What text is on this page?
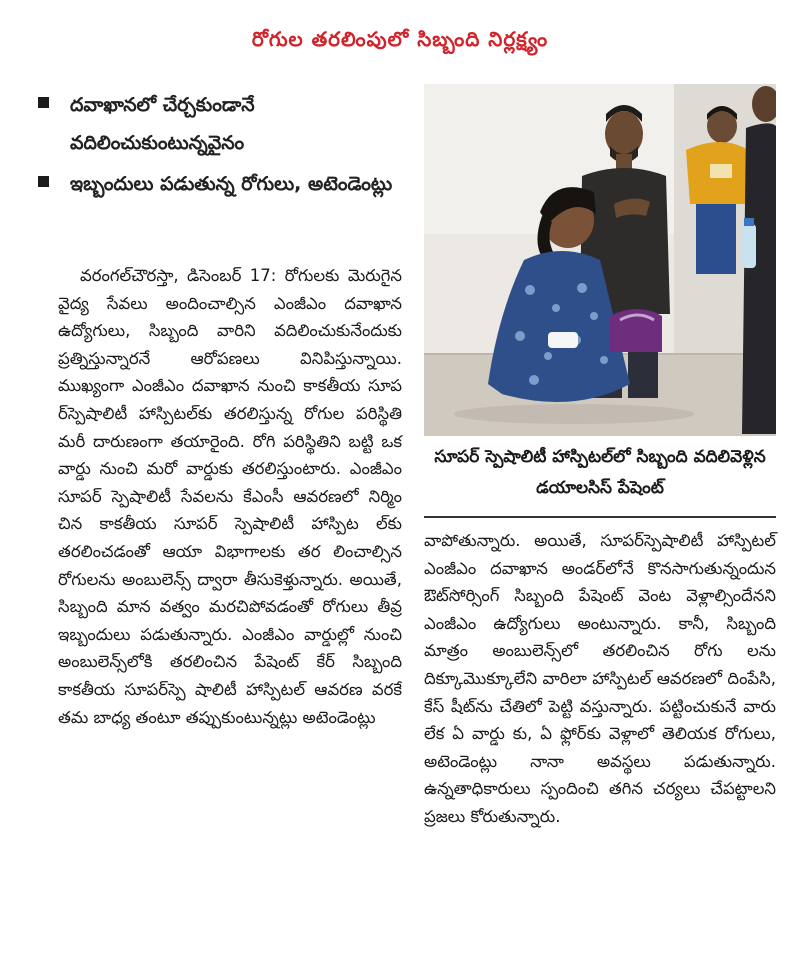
రోగుల తరలింపులో సిబ్బంది నిర్లక్ష్యం
దవాఖానలో చేర్చకుండానే వదిలించుకుంటున్నవైనం
ఇబ్బందులు పడుతున్న రోగులు, అటెండెంట్లు
వరంగల్‌చౌరస్తా, డిసెంబర్ 17: రోగులకు మెరుగైన వైద్య సేవలు అందించాల్సిన ఎంజీఎం దవాఖాన ఉద్యోగులు, సిబ్బంది వారిని వదిలించుకునేందుకు ప్రత్నిస్తున్నారనే ఆరోపణలు వినిపిస్తున్నాయి. ముఖ్యంగా ఎంజీఎం దవాఖాన నుంచి కాకతీయ సూప ర్‌స్పెషాలిటీ హాస్పిటల్‌కు తరలిస్తున్న రోగుల పరిస్థితి మరీ దారుణంగా తయారైంది. రోగి పరిస్థితిని బట్టి ఒక వార్డు నుంచి మరో వార్డుకు తరలిస్తుంటారు. ఎంజీఎం సూపర్ స్పెషాలిటీ సేవలను కేఎంసీ ఆవరణలో నిర్మిం చిన కాకతీయ సూపర్ స్పెషాలిటీ హాస్పిట ల్‌కు తరలించడంతో ఆయా విభాగాలకు తర లించాల్సిన రోగులను అంబులెన్స్ ద్వారా తీసుకెళ్తున్నారు. అయితే, సిబ్బంది మాన వత్వం మరచిపోవడంతో రోగులు తీవ్ర ఇబ్బందులు పడుతున్నారు. ఎంజీఎం వార్డుల్లో నుంచి అంబులెన్స్‌లోకి తరలించిన పేషెంట్ కేర్ సిబ్బంది కాకతీయ సూపర్‌స్పె షాలిటీ హాస్పిటల్ ఆవరణ వరకే తమ బాధ్య తంటూ తప్పుకుంటున్నట్లు అటెండెంట్లు
సూపర్ స్పెషాలిటీ హాస్పిటల్‌లో సిబ్బంది వదిలివెళ్లిన డయాలసిస్ పేషెంట్
వాపోతున్నారు. అయితే, సూపర్‌స్పెషాలిటీ హాస్పిటల్ ఎంజీఎం దవాఖాన అండర్‌లోనే కొనసాగుతున్నందున ఔట్‌సోర్సింగ్ సిబ్బంది పేషెంట్ వెంట వెళ్లాల్సిందేనని ఎంజీఎం ఉద్యోగులు అంటున్నారు. కానీ, సిబ్బంది మాత్రం అంబులెన్స్‌లో తరలించిన రోగు లను దిక్కూమొక్కూలేని వారిలా హాస్పిటల్ ఆవరణలో దింపేసి, కేస్ షీట్‌ను చేతిలో పెట్టి వస్తున్నారు. పట్టించుకునే వారు లేక ఏ వార్డు కు, ఏ ఫ్లోర్‌కు వెళ్లాలో తెలియక రోగులు, అటెండెంట్లు నానా అవస్థలు పడుతున్నారు. ఉన్నతాధికారులు స్పందించి తగిన చర్యలు చేపట్టాలని ప్రజలు కోరుతున్నారు.
